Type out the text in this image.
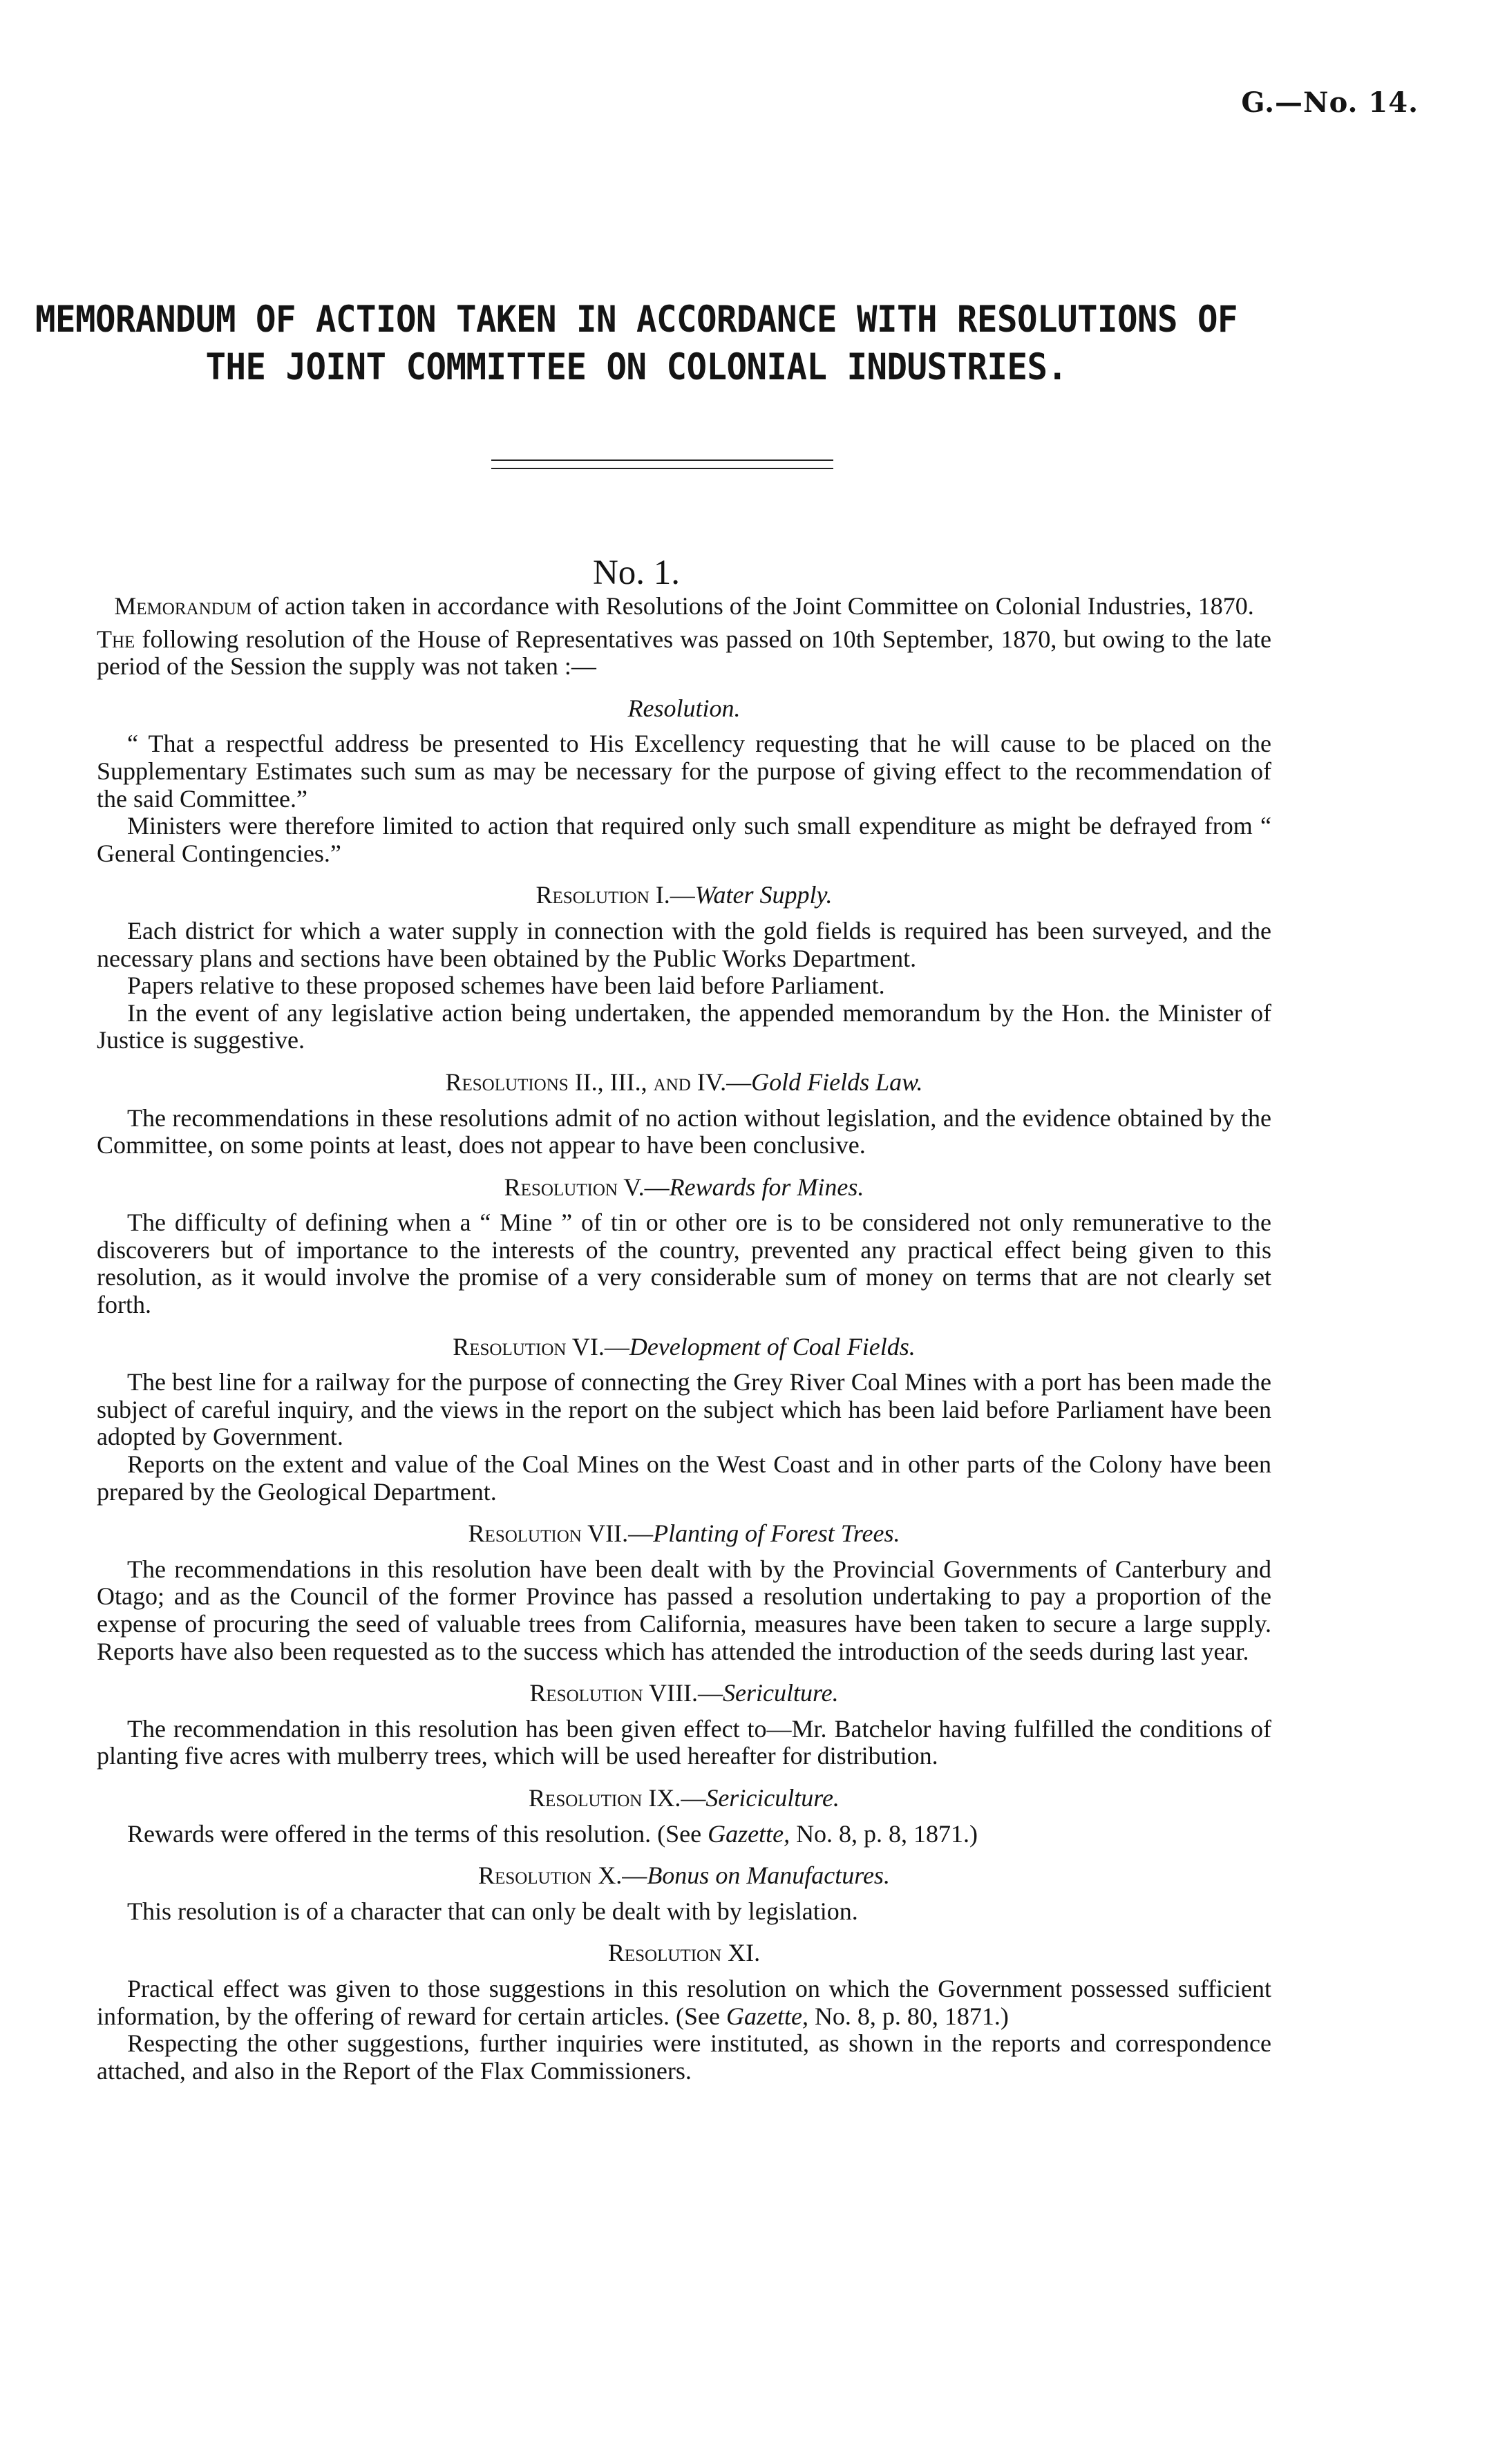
G.—No. 14.
MEMORANDUM OF ACTION TAKEN IN ACCORDANCE WITH RESOLUTIONS OF
THE JOINT COMMITTEE ON COLONIAL INDUSTRIES.
No. 1.

Memorandum of action taken in accordance with Resolutions of the Joint Committee on Colonial Industries, 1870.

The following resolution of the House of Representatives was passed on 10th September, 1870, but owing to the late period of the Session the supply was not taken :—

Resolution.

“ That a respectful address be presented to His Excellency requesting that he will cause to be placed on the Supplementary Estimates such sum as may be necessary for the purpose of giving effect to the recommendation of the said Committee.”

Ministers were therefore limited to action that required only such small expenditure as might be defrayed from “ General Contingencies.”

Resolution I.—Water Supply.

Each district for which a water supply in connection with the gold fields is required has been surveyed, and the necessary plans and sections have been obtained by the Public Works Department.

Papers relative to these proposed schemes have been laid before Parliament.

In the event of any legislative action being undertaken, the appended memorandum by the Hon. the Minister of Justice is suggestive.

Resolutions II., III., and IV.—Gold Fields Law.

The recommendations in these resolutions admit of no action without legislation, and the evidence obtained by the Committee, on some points at least, does not appear to have been conclusive.

Resolution V.—Rewards for Mines.

The difficulty of defining when a “ Mine ” of tin or other ore is to be considered not only remunerative to the discoverers but of importance to the interests of the country, prevented any practical effect being given to this resolution, as it would involve the promise of a very considerable sum of money on terms that are not clearly set forth.

Resolution VI.—Development of Coal Fields.

The best line for a railway for the purpose of connecting the Grey River Coal Mines with a port has been made the subject of careful inquiry, and the views in the report on the subject which has been laid before Parliament have been adopted by Government.

Reports on the extent and value of the Coal Mines on the West Coast and in other parts of the Colony have been prepared by the Geological Department.

Resolution VII.—Planting of Forest Trees.

The recommendations in this resolution have been dealt with by the Provincial Governments of Canterbury and Otago; and as the Council of the former Province has passed a resolution undertaking to pay a proportion of the expense of procuring the seed of valuable trees from California, measures have been taken to secure a large supply. Reports have also been requested as to the success which has attended the introduction of the seeds during last year.

Resolution VIII.—Sericulture.

The recommendation in this resolution has been given effect to—Mr. Batchelor having fulfilled the conditions of planting five acres with mulberry trees, which will be used hereafter for distribution.

Resolution IX.—Sericiculture.

Rewards were offered in the terms of this resolution. (See Gazette, No. 8, p. 8, 1871.)

Resolution X.—Bonus on Manufactures.

This resolution is of a character that can only be dealt with by legislation.

Resolution XI.

Practical effect was given to those suggestions in this resolution on which the Government possessed sufficient information, by the offering of reward for certain articles. (See Gazette, No. 8, p. 80, 1871.)

Respecting the other suggestions, further inquiries were instituted, as shown in the reports and correspondence attached, and also in the Report of the Flax Commissioners.
